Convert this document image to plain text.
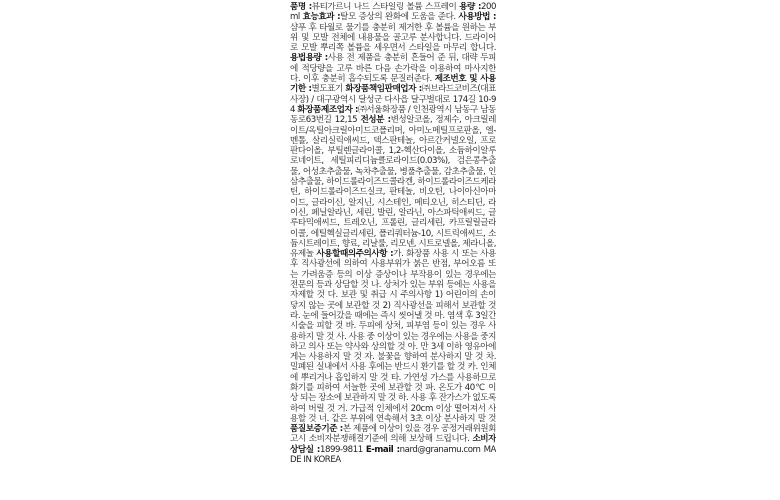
품명 :뷰티가르니 나드 스타일링 볼륨 스프레이 용량 :200 ml 효능효과 :탈모 증상의 완화에 도움을 준다. 사용방법 :샴푸 후 타월로 물기를 충분히 제거한 후 볼륨을 원하는 부위 및 모발 전체에 내용물을 골고루 분사합니다. 드라이어로 모발 뿌리쪽 볼륨을 세우면서 스타일을 마무리 합니다. 용법용량 :사용 전 제품을 충분히 흔들어 준 뒤, 대략 두피에 적당량을 고루 바른 다음 손가락을 이용하여 마사지한다. 이후 충분히 흡수되도록 문질러준다. 제조번호 및 사용기한 :별도표기 화장품책임판매업자 :㈜브라드코비즈(대표 사장) / 대구광역시 달성군 다사읍 달구벌대로 174길 10-94 화장품제조업자 :㈜서울화장품 / 인천광역시 남동구 남동동로63번길 12,15 전성분 :변성알코올, 정제수, 아크릴레이트/옥틸아크릴아미드코폴리머, 아미노메틸프로판올, 엘-멘톨, 살리실릭애씨드, 덱스판테놀, 아르간커넬오일, 프로판다이올, 부틸렌글라이콜, 1,2-헥산다이올, 소듐하이알루로네이트, 세틸피리디늄클로라이드(0.03%), 검은콩추출물, 어성초추출물, 녹차추출물, 병풀추출물, 감초추출물, 인삼추출물, 하이드롤라이즈드콜라겐, 하이드롤라이즈드케라틴, 하이드롤라이즈드실크, 판테놀, 비오틴, 나이아신아마이드, 글라이신, 알지닌, 시스테인, 메티오닌, 히스티딘, 라이신, 페닐알라닌, 세린, 발린, 알라닌, 아스파틱애씨드, 글루타믹애씨드, 트레오닌, 프롤린, 글리세린, 카프릴릴글라이콜, 에틸헥실글리세린, 폴리쿼터늄-10, 시트릭애씨드, 소듐시트레이트, 향료, 리날룰, 리모넨, 시트로넬올, 제라니올, 유제놀 사용할때의주의사항 :가. 화장품 사용 시 또는 사용 후 직사광선에 의하여 사용부위가 붉은 반점, 부어오름 또는 가려움증 등의 이상 증상이나 부작용이 있는 경우에는 전문의 등과 상담할 것 나. 상처가 있는 부위 등에는 사용을 자제할 것 다. 보관 및 취급 시 주의사항 1) 어린이의 손이 닿지 않는 곳에 보관할 것 2) 직사광선을 피해서 보관할 것 라. 눈에 들어갔을 때에는 즉시 씻어낼 것 마. 염색 후 3일간 시술을 피할 것 바. 두피에 상처, 피부염 등이 있는 경우 사용하지 말 것 사. 사용 중 이상이 있는 경우에는 사용을 중지하고 의사 또는 약사와 상의할 것 아. 만 3세 이하 영유아에게는 사용하지 말 것 자. 불꽃을 향하여 분사하지 말 것 차. 밀폐된 실내에서 사용 후에는 반드시 환기를 할 것 카. 인체에 뿌리거나 흡입하지 말 것 타. 가연성 가스를 사용하므로 화기를 피하여 서늘한 곳에 보관할 것 파. 온도가 40℃ 이상 되는 장소에 보관하지 말 것 하. 사용 후 잔가스가 없도록 하여 버릴 것 거. 가급적 인체에서 20cm 이상 떨어져서 사용할 것 너. 같은 부위에 연속해서 3초 이상 분사하지 말 것 품질보증기준 :본 제품에 이상이 있을 경우 공정거래위원회 고시 소비자분쟁해결기준에 의해 보상해 드립니다. 소비자상담실 :1899-9811 E-mail :nard@granamu.com MADE IN KOREA
